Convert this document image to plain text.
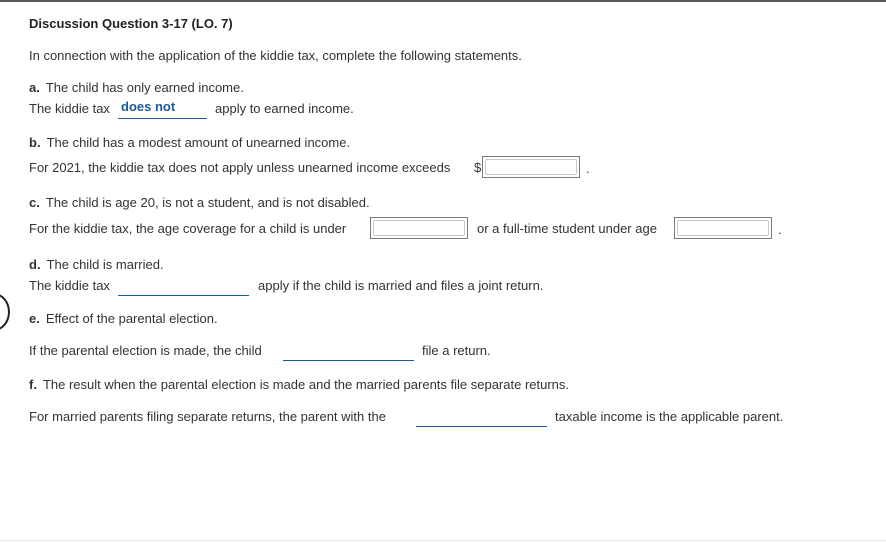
Discussion Question 3-17 (LO. 7)
In connection with the application of the kiddie tax, complete the following statements.
a. The child has only earned income.
The kiddie tax does not	apply to earned income.
b. The child has a modest amount of unearned income.
For 2021, the kiddie tax does not apply unless unearned income exceeds $	.
c. The child is age 20, is not a student, and is not disabled.
For the kiddie tax, the age coverage for a child is under	or a full-time student under age	.
d. The child is married.
The kiddie tax	apply if the child is married and files a joint return.
e. Effect of the parental election.
If the parental election is made, the child	file a return.
f. The result when the parental election is made and the married parents file separate returns.
For married parents filing separate returns, the parent with the	taxable income is the applicable parent.
